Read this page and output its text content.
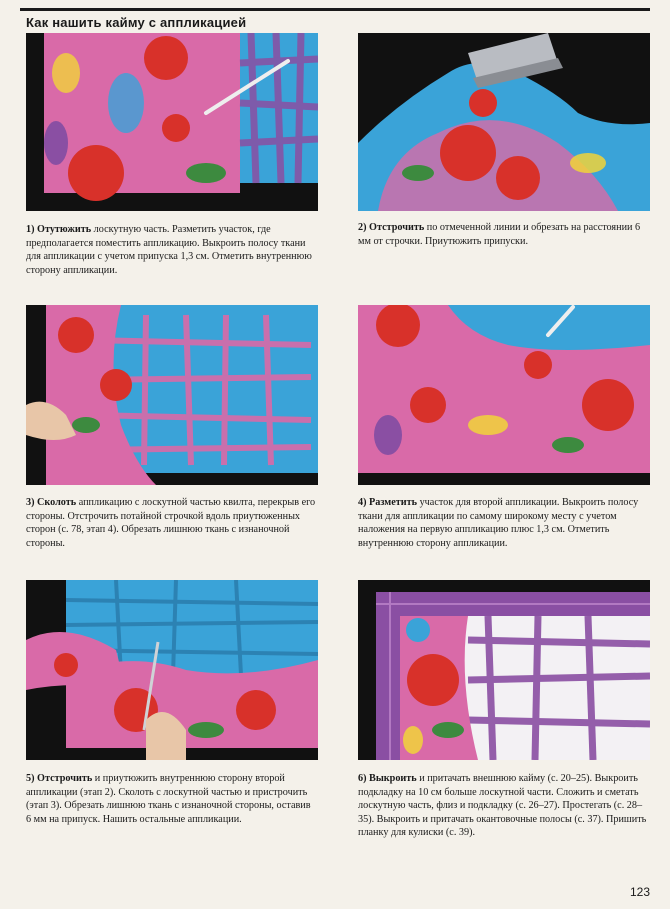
Как нашить кайму с аппликацией
1) Отутюжить лоскутную часть. Разметить участок, где предполагается поместить аппликацию. Выкроить полосу ткани для аппликации с учетом припуска 1,3 см. Отметить внутреннюю сторону аппликации.
2) Отстрочить по отмеченной линии и обрезать на расстоянии 6 мм от строчки. Приутюжить припуски.
3) Сколоть аппликацию с лоскутной частью квилта, перекрыв его стороны. Отстрочить потайной строчкой вдоль приутюженных сторон (с. 78, этап 4). Обрезать лишнюю ткань с изнаночной стороны.
4) Разметить участок для второй аппликации. Выкроить полосу ткани для аппликации по самому широкому месту с учетом наложения на первую аппликацию плюс 1,3 см. Отметить внутреннюю сторону аппликации.
5) Отстрочить и приутюжить внутреннюю сторону второй аппликации (этап 2). Сколоть с лоскутной частью и пристрочить (этап 3). Обрезать лишнюю ткань с изнаночной стороны, оставив 6 мм на припуск. Нашить остальные аппликации.
6) Выкроить и притачать внешнюю кайму (с. 20–25). Выкроить подкладку на 10 см больше лоскутной части. Сложить и сметать лоскутную часть, флиз и подкладку (с. 26–27). Простегать (с. 28–35). Выкроить и притачать окантовочные полосы (с. 37). Пришить планку для кулиски (с. 39).
123
